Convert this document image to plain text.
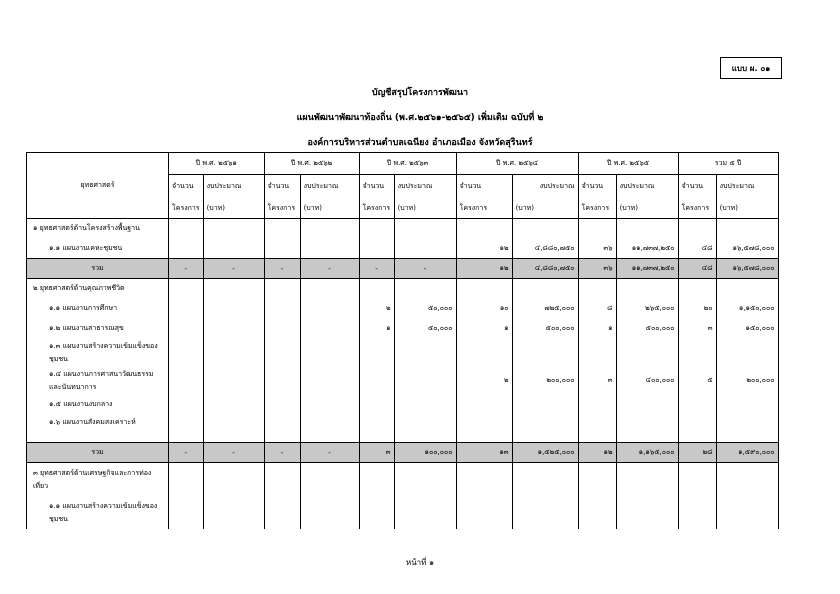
แบบ ผ. ๐๑
บัญชีสรุปโครงการพัฒนา
แผนพัฒนาพัฒนาท้องถิ่น (พ.ศ.๒๕๖๑-๒๕๖๕) เพิ่มเติม ฉบับที่ ๒
องค์การบริหารส่วนตำบลเฉนียง อำเภอเมือง จังหวัดสุรินทร์
ยุทธศาสตร์	ปี พ.ศ. ๒๕๖๑		ปี พ.ศ. ๒๕๖๒		ปี พ.ศ. ๒๕๖๓		ปี พ.ศ. ๒๕๖๔		ปี พ.ศ. ๒๕๖๕		รวม ๕ ปี	
	จำนวน	งบประมาณ	จำนวน	งบประมาณ	จำนวน	งบประมาณ	จำนวน	งบประมาณ	จำนวน	งบประมาณ	จำนวน	งบประมาณ
	โครงการ	(บาท)	โครงการ	(บาท)	โครงการ	(บาท)	โครงการ	(บาท)	โครงการ	(บาท)	โครงการ	(บาท)
๑ ยุทธศาสตร์ด้านโครงสร้างพื้นฐาน												
๑.๑ แผนงานเคหะชุมชน							๑๒	๔,๘๘๐,๗๕๐	๓๖	๑๑,๗๓๗,๒๕๐	๔๘	๑๖,๕๗๘,๐๐๐
รวม	-	-	-	-	-	-	๑๒	๔,๘๘๐,๗๕๐	๓๖	๑๑,๗๓๗,๒๕๐	๔๘	๑๖,๕๗๘,๐๐๐
๒ ยุทธศาสตร์ด้านคุณภาพชีวิต												
๑.๑ แผนงานการศึกษา					๒	๕๐,๐๐๐	๑๐	๗๒๕,๐๐๐	๘	๒๖๕,๐๐๐	๒๐	๑,๑๕๐,๐๐๐
๑.๒ แผนงานสาธารณสุข					๑	๕๐,๐๐๐	๑	๕๐๐,๐๐๐	๑	๕๐๐,๐๐๐	๓	๑๕๐,๐๐๐
๑.๓ แผนงานสร้างความเข้มแข็งของชุมชน												
๑.๔ แผนงานการศาสนาวัฒนธรรมและนันทนาการ							๒	๒๐๐,๐๐๐	๓	๔๐๐,๐๐๐	๕	๒๐๐,๐๐๐
๑.๕ แผนงานงบกลาง												
๑.๖ แผนงานสังคมสงเคราะห์												
รวม	-	-	-	-	๓	๑๐๐,๐๐๐	๑๓	๑,๕๒๕,๐๐๐	๑๒	๑,๑๖๕,๐๐๐	๒๘	๑,๕๙๐,๐๐๐
๓ ยุทธศาสตร์ด้านเศรษฐกิจและการท่องเที่ยว												
๑.๑ แผนงานสร้างความเข้มแข็งของชุมชน												
หน้าที่ ๑
